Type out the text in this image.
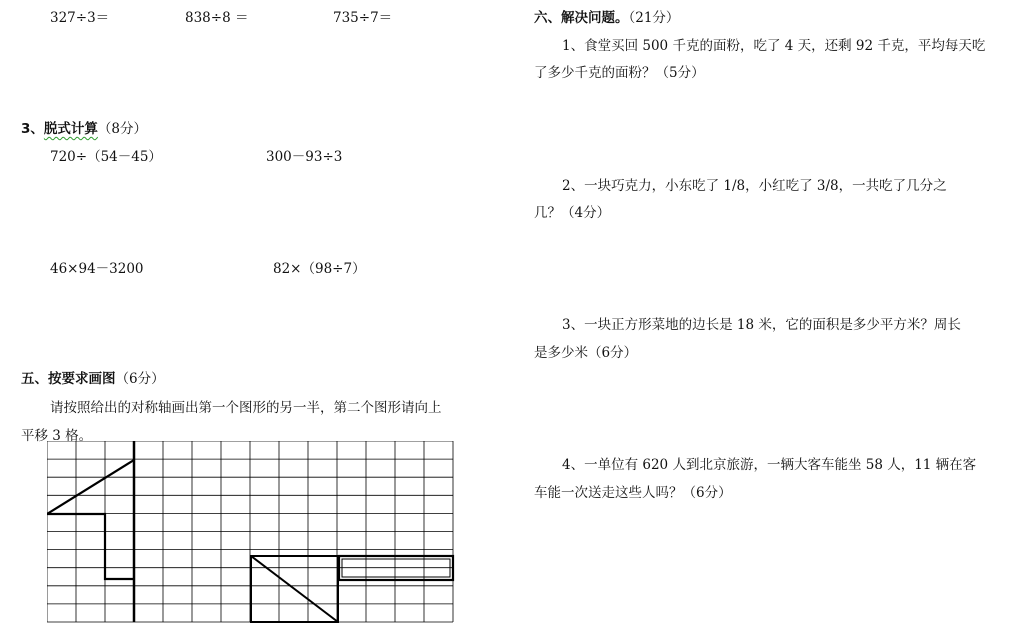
327÷3＝	838÷8 ＝	735÷7＝
3、脱式计算（8分）
720÷（54－45）	300－93÷3
46×94－3200	82×（98÷7）
五、按要求画图（6分）
请按照给出的对称轴画出第一个图形的另一半，第二个图形请向上
平移 3 格。
六、解决问题。（21分）
1、食堂买回 500 千克的面粉，吃了 4 天，还剩 92 千克，平均每天吃
了多少千克的面粉？（5分）
2、一块巧克力，小东吃了 1/8，小红吃了 3/8，一共吃了几分之
几？（4分）
3、一块正方形菜地的边长是 18 米，它的面积是多少平方米？周长
是多少米（6分）
4、一单位有 620 人到北京旅游，一辆大客车能坐 58 人，11 辆在客
车能一次送走这些人吗？（6分）
